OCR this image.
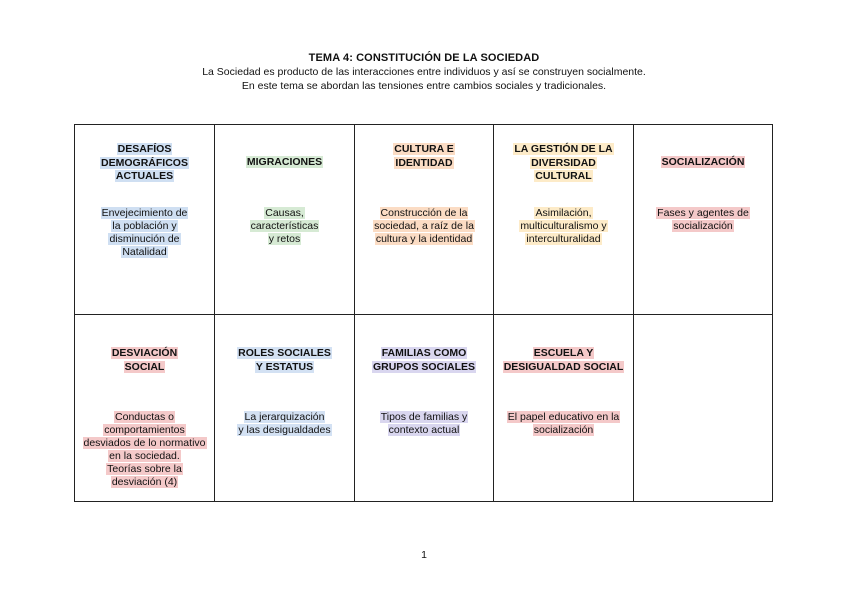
TEMA 4: CONSTITUCIÓN DE LA SOCIEDAD
La Sociedad es producto de las interacciones entre individuos y así se construyen socialmente.
En este tema se abordan las tensiones entre cambios sociales y tradicionales.
DESAFÍOS
DEMOGRÁFICOS
ACTUALES
Envejecimiento de
la población y
disminución de
Natalidad
MIGRACIONES
Causas,
características
y retos
CULTURA E
IDENTIDAD
Construcción de la
sociedad, a raíz de la
cultura y la identidad
LA GESTIÓN DE LA
DIVERSIDAD
CULTURAL
Asimilación,
multiculturalismo y
interculturalidad
SOCIALIZACIÓN
Fases y agentes de
socialización
DESVIACIÓN
SOCIAL
Conductas o
comportamientos
desviados de lo normativo
en la sociedad.
Teorías sobre la
desviación (4)
ROLES SOCIALES
Y ESTATUS
La jerarquización
y las desigualdades
FAMILIAS COMO
GRUPOS SOCIALES
Tipos de familias y
contexto actual
ESCUELA Y
DESIGUALDAD SOCIAL
El papel educativo en la
socialización
1
